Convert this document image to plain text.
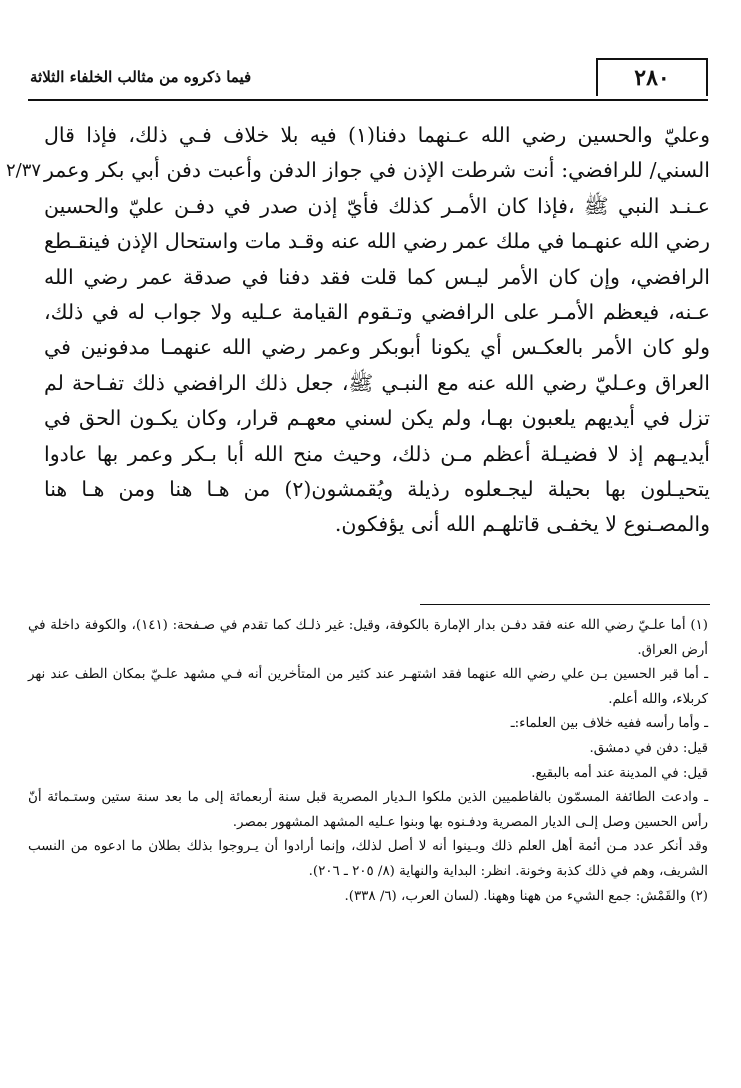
٢٨٠
فيما ذكروه من مثالب الخلفاء الثلاثة
٢/٣٧

وعليّ والحسين رضي الله عـنهما دفنا(١) فيه بلا خلاف فـي ذلك، فإذا قال السني/ للرافضي: أنت شرطت الإذن في جواز الدفن وأعبت دفن أبي بكر وعمر عـنـد النبي ﷺ ،فإذا كان الأمـر كذلك فأيّ إذن صدر في دفـن عليّ والحسين رضي الله عنهـما في ملك عمر رضي الله عنه وقـد مات واستحال الإذن فينقـطع الرافضي، وإن كان الأمر ليـس كما قلت فقد دفنا في صدقة عمر رضي الله عـنه، فيعظم الأمـر على الرافضي وتـقوم القيامة عـليه ولا جواب له في ذلك، ولو كان الأمر بالعكـس أي يكونا أبوبكر وعمر رضي الله عنهمـا مدفونين في العراق وعـليّ رضي الله عنه مع النبـي ﷺ، جعل ذلك الرافضي ذلك تفـاحة لم تزل في أيديهم يلعبون بهـا، ولم يكن لسني معهـم قرار، وكان يكـون الحق في أيديـهم إذ لا فضيـلة أعظم مـن ذلك، وحيث منح الله أبا بـكر وعمر بها عادوا يتحيـلون بها بحيلة ليجـعلوه رذيلة ويُقمشون(٢) من هـا هنا ومن هـا هنا والمصـنوع لا يخفـى قاتلهـم الله أنى يؤفكون.

(١) أما علـيّ رضي الله عنه فقد دفـن بدار الإمارة بالكوفة، وقيل: غير ذلـك كما تقدم في صـفحة: (١٤١)، والكوفة داخلة في أرض العراق.

ـ أما قبر الحسين بـن علي رضي الله عنهما فقد اشتهـر عند كثير من المتأخرين أنه فـي مشهد علـيّ بمكان الطف عند نهر كربلاء، والله أعلم.

ـ وأما رأسه ففيه خلاف بين العلماء:ـ

قيل: دفن في دمشق.

قيل: في المدينة عند أمه بالبقيع.

ـ وادعت الطائفة المسمّون بالفاطميين الذين ملكوا الـديار المصرية قبل سنة أربعمائة إلى ما بعد سنة ستين وستـمائة أنّ رأس الحسين وصل إلـى الديار المصرية ودفـنوه بها وبنوا عـليه المشهد المشهور بمصر.

وقد أنكر عدد مـن أئمة أهل العلم ذلك وبـينوا أنه لا أصل لذلك، وإنما أرادوا أن يـروجوا بذلك بطلان ما ادعوه من النسب الشريف، وهم في ذلك كذبة وخونة. انظر: البداية والنهاية (٨/ ٢٠٥ ـ ٢٠٦).

(٢) والقَمْش: جمع الشيء من ههنا وههنا. (لسان العرب، (٦/ ٣٣٨).
